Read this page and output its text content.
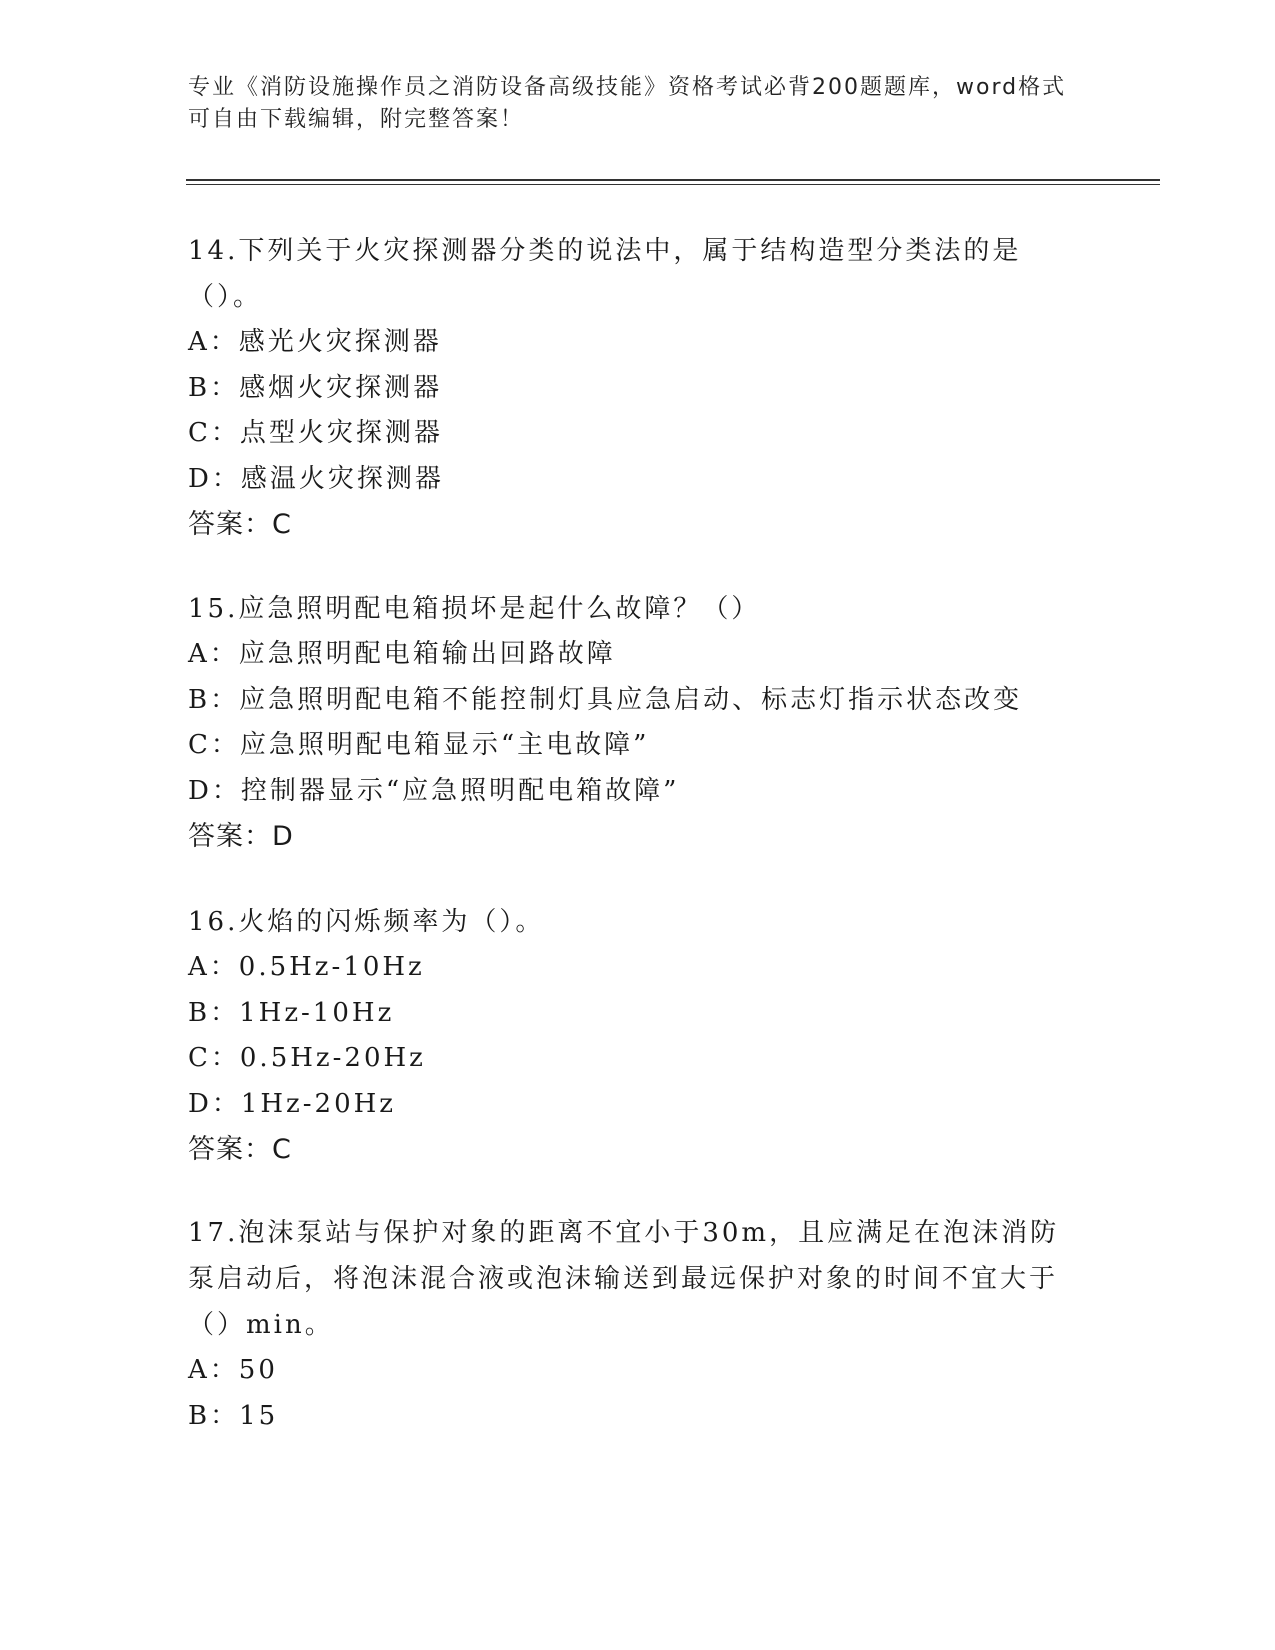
专业《消防设施操作员之消防设备高级技能》资格考试必背200题题库，word格式可自由下载编辑，附完整答案！

14.下列关于火灾探测器分类的说法中，属于结构造型分类法的是（）。

A：感光火灾探测器

B：感烟火灾探测器

C：点型火灾探测器

D：感温火灾探测器

答案：C

15.应急照明配电箱损坏是起什么故障？（）

A：应急照明配电箱输出回路故障

B：应急照明配电箱不能控制灯具应急启动、标志灯指示状态改变

C：应急照明配电箱显示“主电故障”

D：控制器显示“应急照明配电箱故障”

答案：D

16.火焰的闪烁频率为（）。

A：0.5Hz-10Hz

B：1Hz-10Hz

C：0.5Hz-20Hz

D：1Hz-20Hz

答案：C

17.泡沫泵站与保护对象的距离不宜小于30m，且应满足在泡沫消防泵启动后，将泡沫混合液或泡沫输送到最远保护对象的时间不宜大于（）min。

A：50

B：15
